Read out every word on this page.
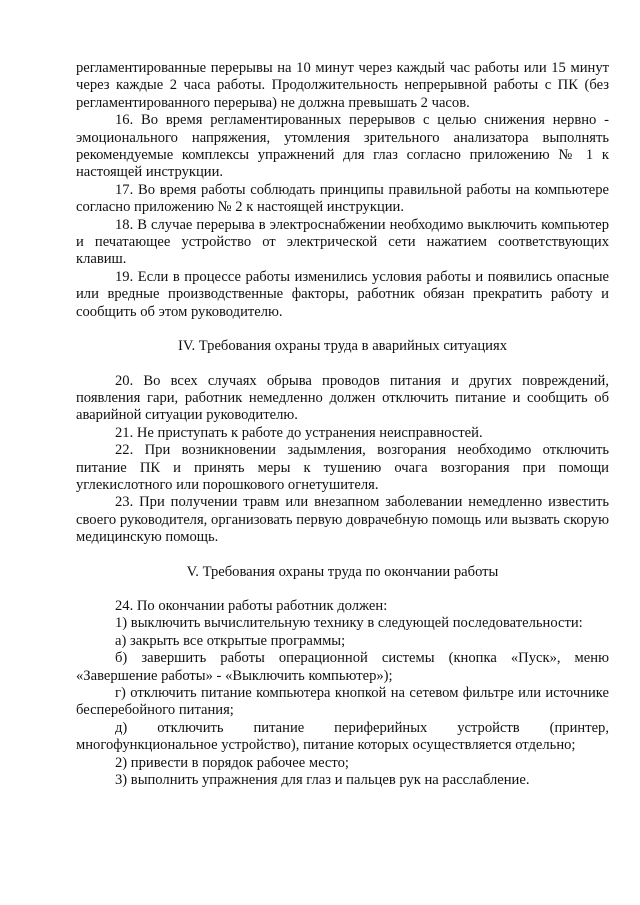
регламентированные перерывы на 10 минут через каждый час работы или 15 минут через каждые 2 часа работы. Продолжительность непрерывной работы с ПК (без регламентированного перерыва) не должна превышать 2 часов.

16. Во время регламентированных перерывов с целью снижения нервно - эмоционального напряжения, утомления зрительного анализатора выполнять рекомендуемые комплексы упражнений для глаз согласно приложению № 1 к настоящей инструкции.

17. Во время работы соблюдать принципы правильной работы на компьютере согласно приложению № 2 к настоящей инструкции.

18. В случае перерыва в электроснабжении необходимо выключить компьютер и печатающее устройство от электрической сети нажатием соответствующих клавиш.

19. Если в процессе работы изменились условия работы и появились опасные или вредные производственные факторы, работник обязан прекратить работу и сообщить об этом руководителю.

IV. Требования охраны труда в аварийных ситуациях

20. Во всех случаях обрыва проводов питания и других повреждений, появления гари, работник немедленно должен отключить питание и сообщить об аварийной ситуации руководителю.

21. Не приступать к работе до устранения неисправностей.

22. При возникновении задымления, возгорания необходимо отключить питание ПК и принять меры к тушению очага возгорания при помощи углекислотного или порошкового огнетушителя.

23. При получении травм или внезапном заболевании немедленно известить своего руководителя, организовать первую доврачебную помощь или вызвать скорую медицинскую помощь.

V. Требования охраны труда по окончании работы

24. По окончании работы работник должен:

1) выключить вычислительную технику в следующей последовательности:

а) закрыть все открытые программы;

б) завершить работы операционной системы (кнопка «Пуск», меню «Завершение работы» - «Выключить компьютер»);

г) отключить питание компьютера кнопкой на сетевом фильтре или источнике бесперебойного питания;

д) отключить питание периферийных устройств (принтер, многофункциональное устройство), питание которых осуществляется отдельно;

2) привести в порядок рабочее место;

3) выполнить упражнения для глаз и пальцев рук на расслабление.
